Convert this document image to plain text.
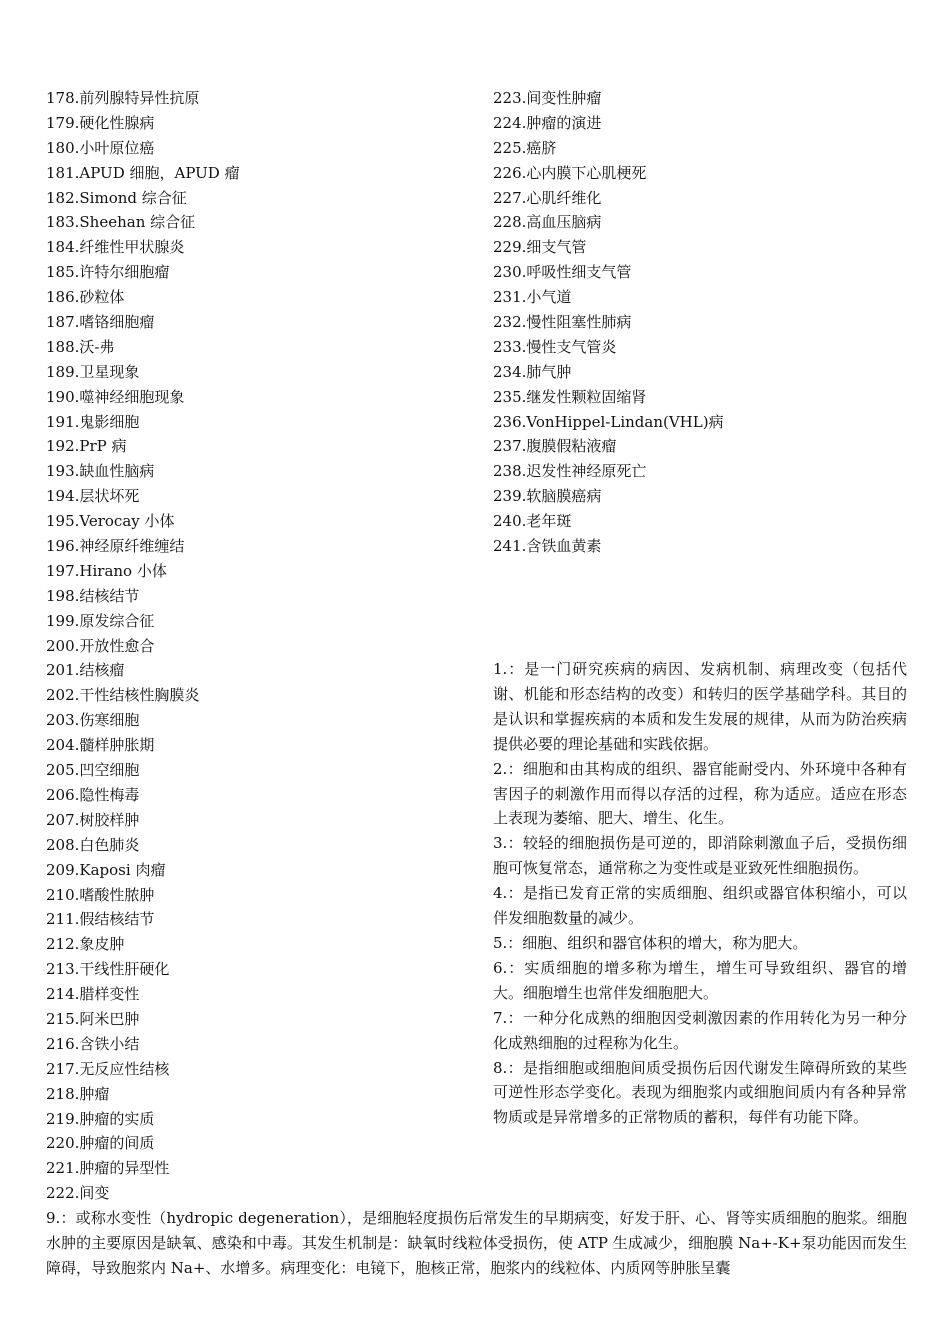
178.前列腺特异性抗原
179.硬化性腺病
180.小叶原位癌
181.APUD 细胞，APUD 瘤
182.Simond 综合征
183.Sheehan 综合征
184.纤维性甲状腺炎
185.许特尔细胞瘤
186.砂粒体
187.嗜铬细胞瘤
188.沃-弗
189.卫星现象
190.噬神经细胞现象
191.鬼影细胞
192.PrP 病
193.缺血性脑病
194.层状坏死
195.Verocay 小体
196.神经原纤维缠结
197.Hirano 小体
198.结核结节
199.原发综合征
200.开放性愈合
201.结核瘤
202.干性结核性胸膜炎
203.伤寒细胞
204.髓样肿胀期
205.凹空细胞
206.隐性梅毒
207.树胶样肿
208.白色肺炎
209.Kaposi 肉瘤
210.嗜酸性脓肿
211.假结核结节
212.象皮肿
213.干线性肝硬化
214.腊样变性
215.阿米巴肿
216.含铁小结
217.无反应性结核
218.肿瘤
219.肿瘤的实质
220.肿瘤的间质
221.肿瘤的异型性
222.间变
223.间变性肿瘤
224.肿瘤的演进
225.癌脐
226.心内膜下心肌梗死
227.心肌纤维化
228.高血压脑病
229.细支气管
230.呼吸性细支气管
231.小气道
232.慢性阻塞性肺病
233.慢性支气管炎
234.肺气肿
235.继发性颗粒固缩肾
236.VonHippel-Lindan(VHL)病
237.腹膜假粘液瘤
238.迟发性神经原死亡
239.软脑膜癌病
240.老年斑
241.含铁血黄素
1.：是一门研究疾病的病因、发病机制、病理改变（包括代谢、机能和形态结构的改变）和转归的医学基础学科。其目的是认识和掌握疾病的本质和发生发展的规律，从而为防治疾病提供必要的理论基础和实践依据。
2.：细胞和由其构成的组织、器官能耐受内、外环境中各种有害因子的刺激作用而得以存活的过程，称为适应。适应在形态上表现为萎缩、肥大、增生、化生。
3.：较轻的细胞损伤是可逆的，即消除刺激血子后，受损伤细胞可恢复常态，通常称之为变性或是亚致死性细胞损伤。
4.：是指已发育正常的实质细胞、组织或器官体积缩小，可以伴发细胞数量的减少。
5.：细胞、组织和器官体积的增大，称为肥大。
6.：实质细胞的增多称为增生，增生可导致组织、器官的增大。细胞增生也常伴发细胞肥大。
7.：一种分化成熟的细胞因受刺激因素的作用转化为另一种分化成熟细胞的过程称为化生。
8.：是指细胞或细胞间质受损伤后因代谢发生障碍所致的某些可逆性形态学变化。表现为细胞浆内或细胞间质内有各种异常物质或是异常增多的正常物质的蓄积，每伴有功能下降。
9.：或称水变性（hydropic degeneration），是细胞轻度损伤后常发生的早期病变，好发于肝、心、肾等实质细胞的胞浆。细胞水肿的主要原因是缺氧、感染和中毒。其发生机制是：缺氧时线粒体受损伤，使 ATP 生成减少，细胞膜 Na+-K+泵功能因而发生障碍，导致胞浆内 Na+、水增多。病理变化：电镜下，胞核正常，胞浆内的线粒体、内质网等肿胀呈囊
